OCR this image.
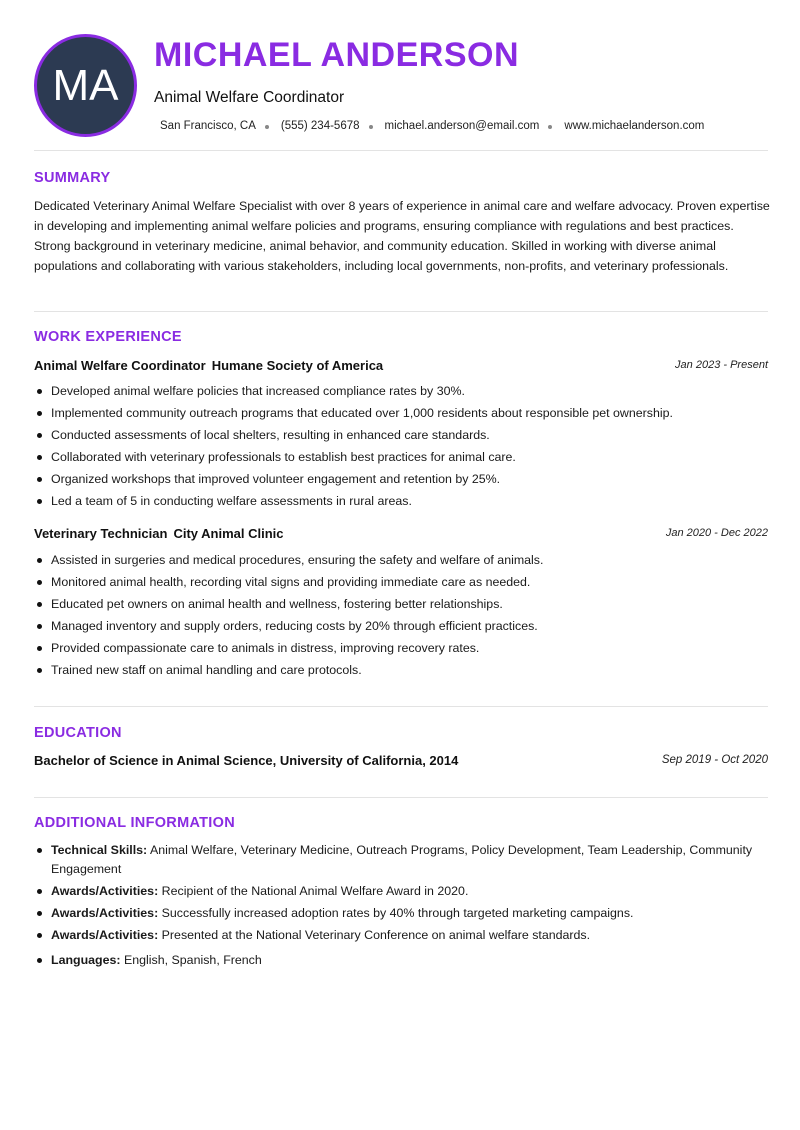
MA
MICHAEL ANDERSON
Animal Welfare Coordinator
San Francisco, CA (555) 234-5678 michael.anderson@email.com www.michaelanderson.com
SUMMARY

Dedicated Veterinary Animal Welfare Specialist with over 8 years of experience in animal care and welfare advocacy. Proven expertise in developing and implementing animal welfare policies and programs, ensuring compliance with regulations and best practices. Strong background in veterinary medicine, animal behavior, and community education. Skilled in working with diverse animal populations and collaborating with various stakeholders, including local governments, non-profits, and veterinary professionals.

WORK EXPERIENCE
Animal Welfare Coordinator Humane Society of America	Jan 2023 - Present
Developed animal welfare policies that increased compliance rates by 30%.
Implemented community outreach programs that educated over 1,000 residents about responsible pet ownership.
Conducted assessments of local shelters, resulting in enhanced care standards.
Collaborated with veterinary professionals to establish best practices for animal care.
Organized workshops that improved volunteer engagement and retention by 25%.
Led a team of 5 in conducting welfare assessments in rural areas.
Veterinary Technician City Animal Clinic	Jan 2020 - Dec 2022
Assisted in surgeries and medical procedures, ensuring the safety and welfare of animals.
Monitored animal health, recording vital signs and providing immediate care as needed.
Educated pet owners on animal health and wellness, fostering better relationships.
Managed inventory and supply orders, reducing costs by 20% through efficient practices.
Provided compassionate care to animals in distress, improving recovery rates.
Trained new staff on animal handling and care protocols.
EDUCATION
Bachelor of Science in Animal Science, University of California, 2014	Sep 2019 - Oct 2020
ADDITIONAL INFORMATION
Technical Skills: Animal Welfare, Veterinary Medicine, Outreach Programs, Policy Development, Team Leadership, Community Engagement
Awards/Activities: Recipient of the National Animal Welfare Award in 2020.
Awards/Activities: Successfully increased adoption rates by 40% through targeted marketing campaigns.
Awards/Activities: Presented at the National Veterinary Conference on animal welfare standards.
Languages: English , Spanish , French
